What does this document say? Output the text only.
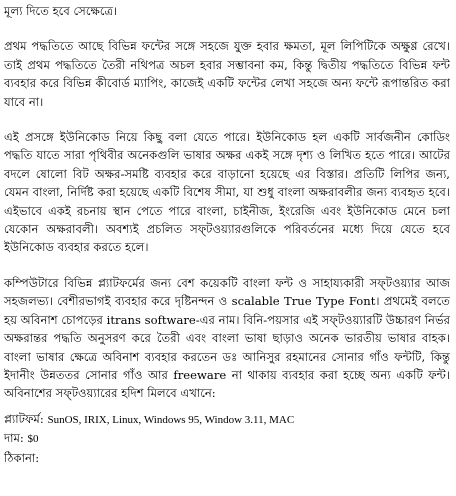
মূল্য দিতে হবে সেক্ষেত্রে।

প্রথম পদ্ধতিতে আছে বিভিন্ন ফন্টের সঙ্গে সহজে যুক্ত হবার ক্ষমতা, মূল লিপিটিকে অক্ষুণ্ণ রেখে। তাই প্রথম পদ্ধতিতে তৈরী নথিপত্র অচল হবার সম্ভাবনা কম, কিন্তু দ্বিতীয় পদ্ধতিতে বিভিন্ন ফন্ট ব্যবহার করে বিভিন্ন কীবোর্ড ম্যাপিং, কাজেই একটি ফন্টের লেখা সহজে অন্য ফন্টে রূপান্তরিত করা যাবে না।

এই প্রসঙ্গে ইউনিকোড নিয়ে কিছু বলা যেতে পারে। ইউনিকোড হল একটি সার্বজনীন কোডিং পদ্ধতি যাতে সারা পৃথিবীর অনেকগুলি ভাষার অক্ষর একই সঙ্গে দৃশ্য ও লিখিত হতে পারে। আটের বদলে ষোলো বিট অক্ষর-সমষ্টি ব্যবহার করে বাড়ানো হয়েছে এর বিস্তার। প্রতিটি লিপির জন্য, যেমন বাংলা, নির্দিষ্ট করা হয়েছে একটি বিশেষ সীমা, যা শুধু বাংলা অক্ষরাবলীর জন্য ব্যবহৃত হবে। এইভাবে একই রচনায় স্থান পেতে পারে বাংলা, চাইনীজ, ইংরেজি এবং ইউনিকোড মেনে চলা যেকোন অক্ষরাবলী। অবশ্যই প্রচলিত সফ্‌টওয়্যারগুলিকে পরিবর্তনের মধ্যে দিয়ে যেতে হবে ইউনিকোড ব্যবহার করতে হলে।

কম্পিউটারে বিভিন্ন প্ল্যাটফর্মের জন্য বেশ কয়েকটি বাংলা ফন্ট ও সাহায্যকারী সফ্‌টওয়্যার আজ সহজলভ্য। বেশীরভাগই ব্যবহার করে দৃষ্টিনন্দন ও scalable True Type Font। প্রথমেই বলতে হয় অবিনাশ চোপড়ের itrans software-এর নাম। বিনি-পয়সার এই সফ্‌টওয়্যারটি উচ্চারণ নির্ভর অক্ষরান্তর পদ্ধতি অনুসরণ করে তৈরী এবং বাংলা ভাষা ছাড়াও অনেক ভারতীয় ভাষার বাহক। বাংলা ভাষার ক্ষেত্রে অবিনাশ ব্যবহার করতেন ডঃ আনিসুর রহমানের সোনার গাঁও ফন্টটি, কিন্তু ইদানীং উন্নততর সোনার গাঁও আর freeware না থাকায় ব্যবহার করা হচ্ছে অন্য একটি ফন্ট। অবিনাশের সফ্‌টওয়্যারের হদিশ মিলবে এখানে:

প্ল্যাটফর্ম: SunOS, IRIX, Linux, Windows 95, Window 3.11, MAC

দাম: $0

ঠিকানা:
